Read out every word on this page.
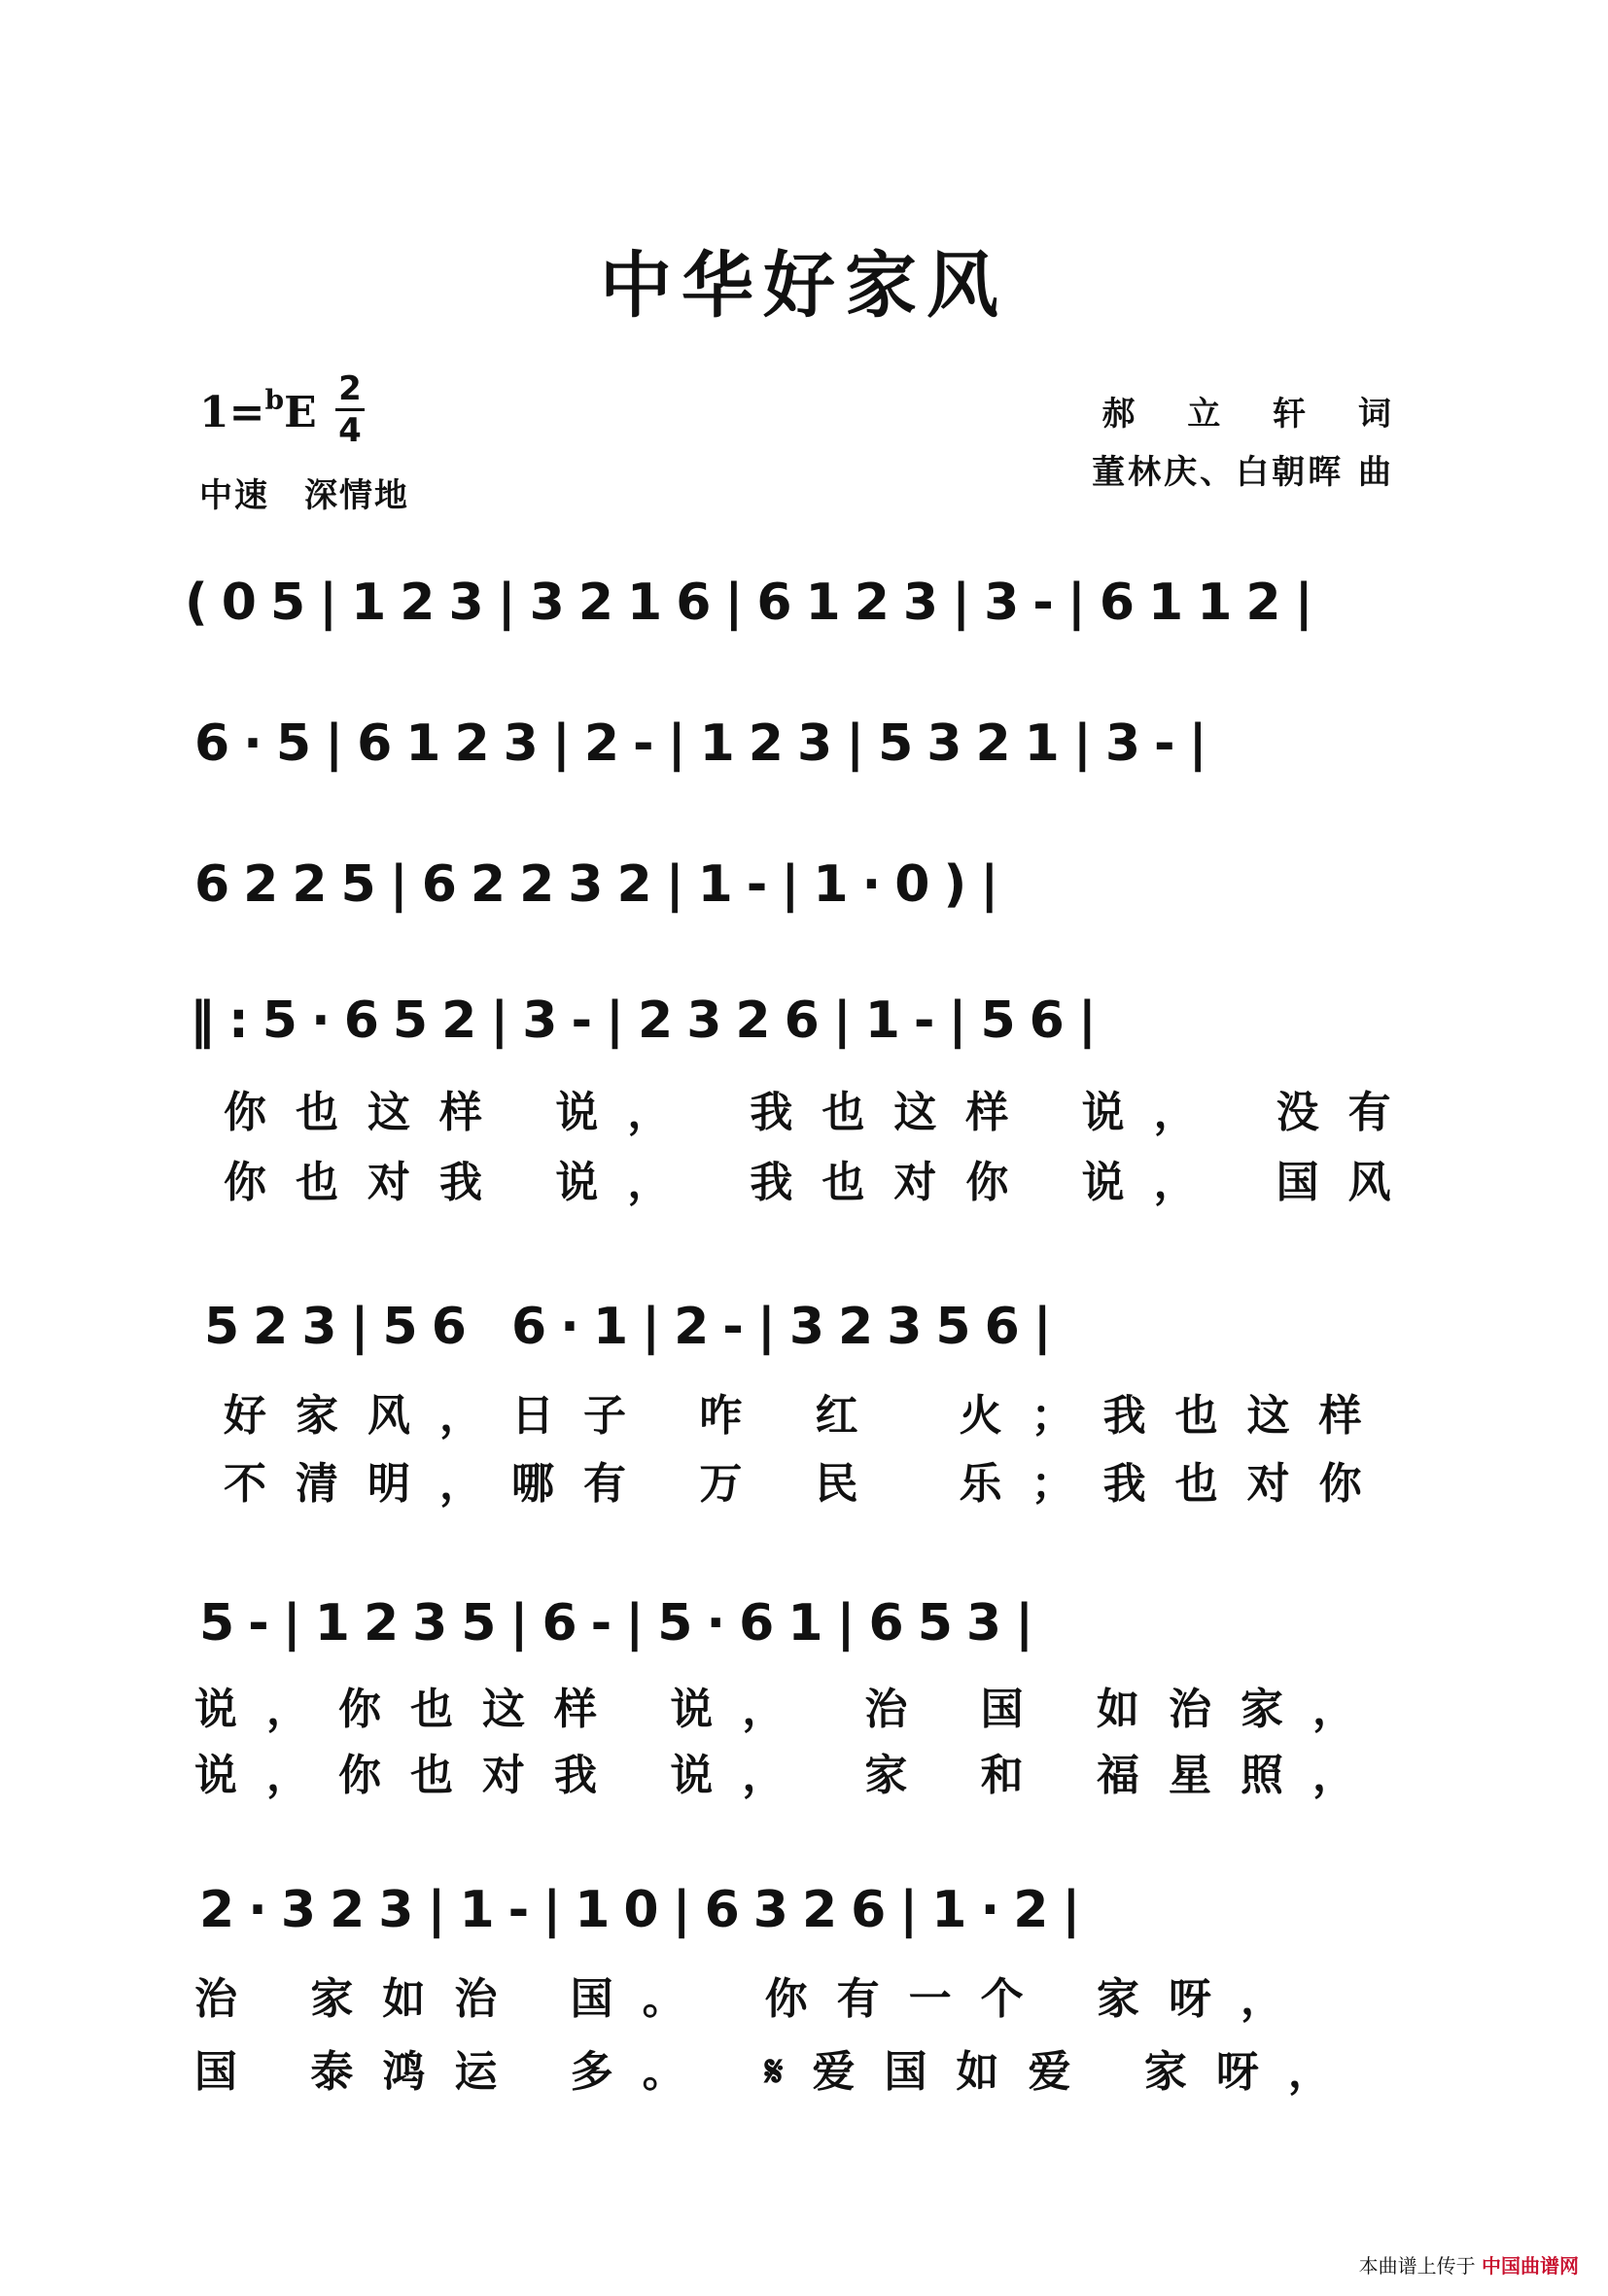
中华好家风
1=$^b$E 2
4
中速　深情地
郝 立 轩 词
董林庆、白朝晖 曲
(05|123|3216|6123|3-|6112|
6·5|6123|2-|123|5321|3-|
6225|62232|1-|1·0)|
‖:5·652|3-|2326|1-|56|
你也这样 说，　我也这样 说，　没有
你也对我 说，　我也对你 说，　国风
523|56 6·1|2-|32356|
好家风，日子 咋 红　火；我也这样
不清明，哪有 万 民　乐；我也对你
5-|1235|6-|5·61|653|
说，你也这样 说，　治 国 如治家，
说，你也对我 说，　家 和 福星照，
2·323|1-|10|6326|1·2|
治 家如治 国。　你有一个 家呀，
国 泰鸿运 多。　𝄋爱国如爱 家呀，
本曲谱上传于 中国曲谱网
